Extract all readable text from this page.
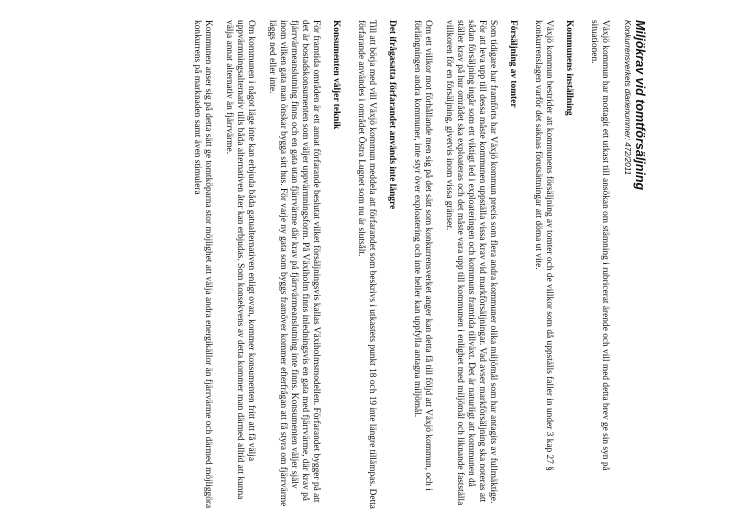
Miljökrav vid tomtförsäljning
Konkurrensverkets diarienummer: 472/2011

Växjö kommun har mottagit ett utkast till ansökan om stämning i rubricerat ärende och vill med detta brev ge sin syn på situationen.

Kommunens inställning

Växjö kommun bestrider att kommunens försäljning av tomter och de villkor som då uppställs faller in under 3 kap 27 § konkurrenslagen varför det saknas förutsättningar att döma ut vite.

Försäljning av tomter

Som tidigare har framförts har Växjö kommun precis som flera andra kommuner olika miljömål som har antagits av fullmäktige. För att leva upp till dessa måste kommunen uppställa vissa krav vid markförsäljningar. Vad avser markförsäljning ska noteras att sådan försäljning ingår som ett viktigt led i exploateringen och kommuns framtida tillväxt. Det är naturligt att kommunen då ställer krav på hur området ska exploateras och det måste vara upp till kommunen i enlighet med miljömål och liknande fastställa villkoren för en försäljning, givetvis inom vissa gränser.

Om ett villkor mot förhållande men sig på det sätt som konkurrensverket anger kan detta få till följd att Växjö kommun, och i förlängningen andra kommuner, inte styr över exploatering och inte heller kan uppfylla antagna miljömål.

Det ifrågasatta förfarandet används inte längre

Till att börja med vill Växjö kommun meddela att förfarandet som beskrivs i utkastets punkt 18 och 19 inte längre tillämpas. Detta förfarande användes i området Östra Lugnet som nu är slutsålt.

Konsumenten väljer teknik

För framtida områden är ett annat förfarande beslutat vilket försäljningsvis kallas Växiholmsmodellen. Förfarandet bygger på att det är bostadskonsumenten som väljer uppvärmningsform. På Växiholm finns inledningsvis en gata med fjärrvärme, där krav på fjärrvärmeanslutning finns och en gata utan fjärrvärme där krav på fjärrvärmeanslutning inte finns. Konsumenten väljer själv inom vilken gata man önskar bygga sitt hus. För varje ny gata som byggs framöver kommer efterfrågan att få styra om fjärrvärme läggs ned eller inte.

Om kommunen i något läge inte kan erbjuda båda gatualternativen enligt ovan, kommer konsumenten fritt att få välja uppvärmningsalternativ tills båda alternativen åter kan erbjudas. Som konsekvens av detta kommer man därmed alltid att kunna välja annat alternativ än fjärrvärme.

Kommunen anser sig på detta sätt ge tomtköparna stor möjlighet att välja andra energikällor än fjärrvärme och därmed möjliggöra konkurrens på marknaden samt även stimulera
